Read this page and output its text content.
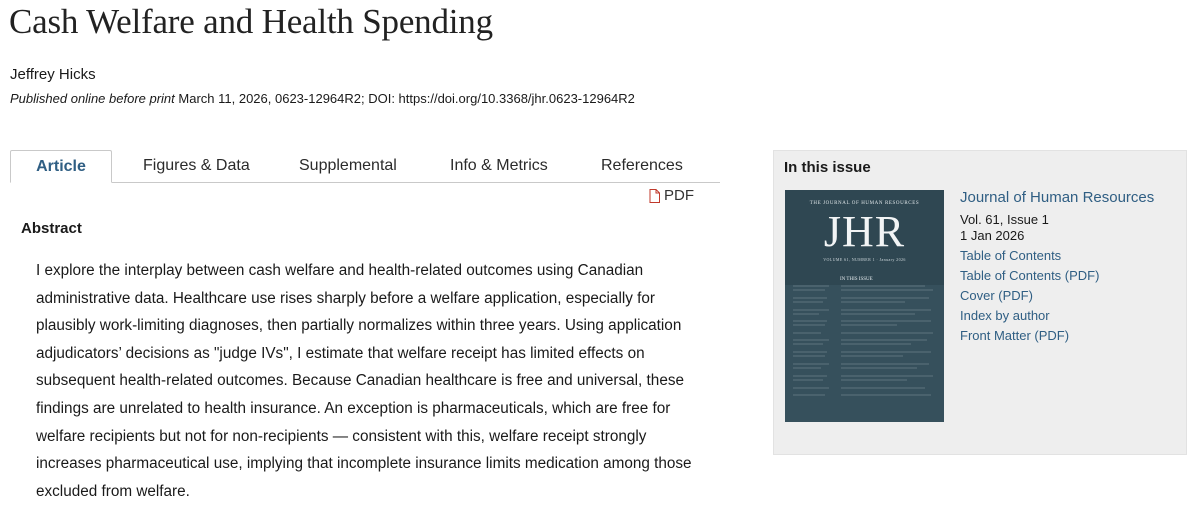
Cash Welfare and Health Spending
Jeffrey Hicks
Published online before print March 11, 2026, 0623-12964R2; DOI: https://doi.org/10.3368/jhr.0623-12964R2
Article	Figures & Data	Supplemental	Info & Metrics	References
PDF
Abstract
I explore the interplay between cash welfare and health-related outcomes using Canadian
administrative data. Healthcare use rises sharply before a welfare application, especially for
plausibly work-limiting diagnoses, then partially normalizes within three years. Using application
adjudicators’ decisions as "judge IVs", I estimate that welfare receipt has limited effects on
subsequent health-related outcomes. Because Canadian healthcare is free and universal, these
findings are unrelated to health insurance. An exception is pharmaceuticals, which are free for
welfare recipients but not for non-recipients — consistent with this, welfare receipt strongly
increases pharmaceutical use, implying that incomplete insurance limits medication among those
excluded from welfare.
In this issue
THE JOURNAL OF HUMAN RESOURCES
JHR
VOLUME 61, NUMBER 1 · January 2026
IN THIS ISSUE
Journal of Human Resources
Vol. 61, Issue 1
1 Jan 2026
Table of Contents
Table of Contents (PDF)
Cover (PDF)
Index by author
Front Matter (PDF)
